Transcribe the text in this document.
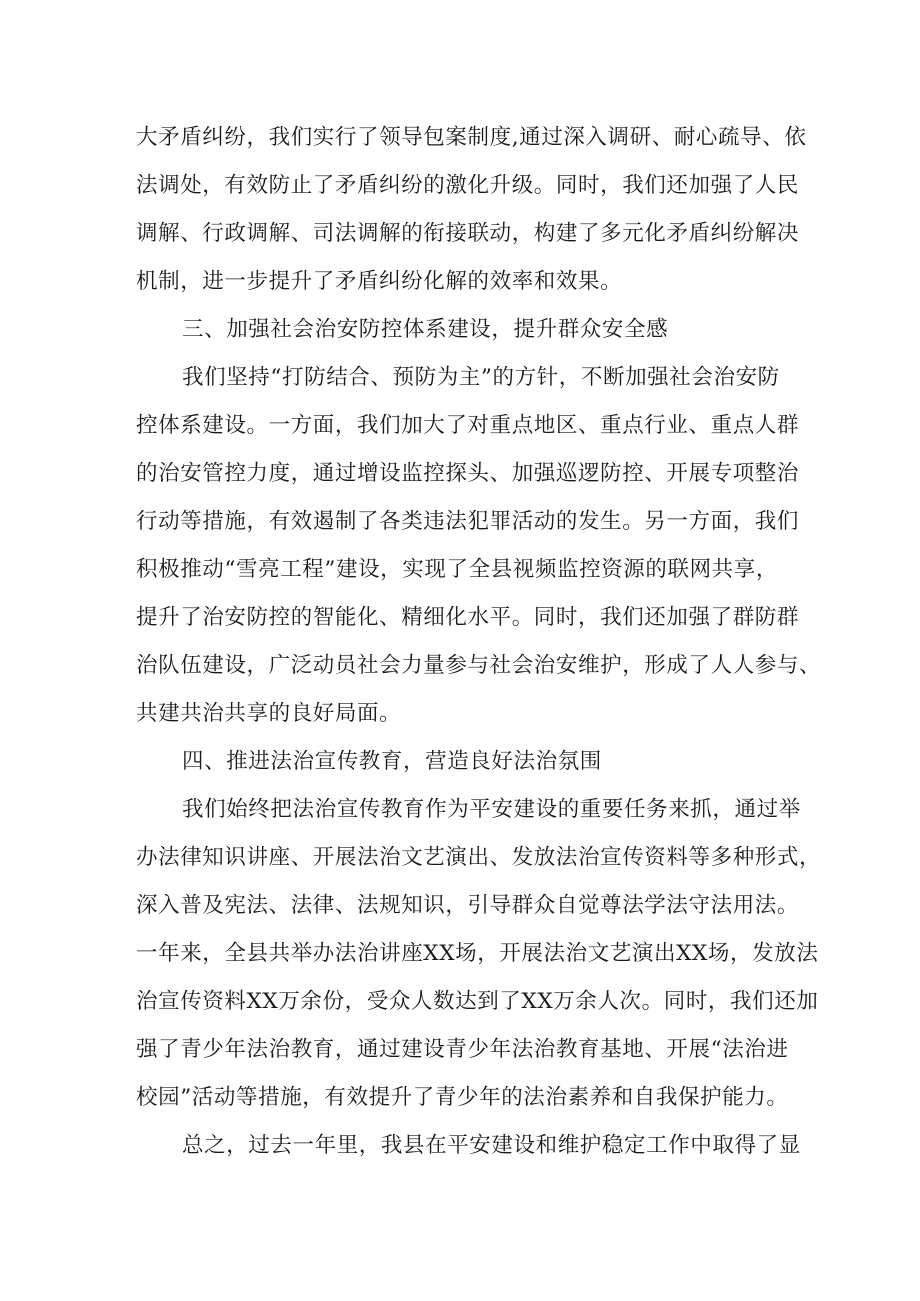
大矛盾纠纷，我们实行了领导包案制度,通过深入调研、耐心疏导、依
法调处，有效防止了矛盾纠纷的激化升级。同时，我们还加强了人民
调解、行政调解、司法调解的衔接联动，构建了多元化矛盾纠纷解决
机制，进一步提升了矛盾纠纷化解的效率和效果。
三、加强社会治安防控体系建设，提升群众安全感
我们坚持“打防结合、预防为主”的方针，不断加强社会治安防
控体系建设。一方面，我们加大了对重点地区、重点行业、重点人群
的治安管控力度，通过增设监控探头、加强巡逻防控、开展专项整治
行动等措施，有效遏制了各类违法犯罪活动的发生。另一方面，我们
积极推动“雪亮工程”建设，实现了全县视频监控资源的联网共享，
提升了治安防控的智能化、精细化水平。同时，我们还加强了群防群
治队伍建设，广泛动员社会力量参与社会治安维护，形成了人人参与、
共建共治共享的良好局面。
四、推进法治宣传教育，营造良好法治氛围
我们始终把法治宣传教育作为平安建设的重要任务来抓，通过举
办法律知识讲座、开展法治文艺演出、发放法治宣传资料等多种形式，
深入普及宪法、法律、法规知识，引导群众自觉尊法学法守法用法。
一年来，全县共举办法治讲座XX场，开展法治文艺演出XX场，发放法
治宣传资料XX万余份，受众人数达到了XX万余人次。同时，我们还加
强了青少年法治教育，通过建设青少年法治教育基地、开展“法治进
校园”活动等措施，有效提升了青少年的法治素养和自我保护能力。
总之，过去一年里，我县在平安建设和维护稳定工作中取得了显
